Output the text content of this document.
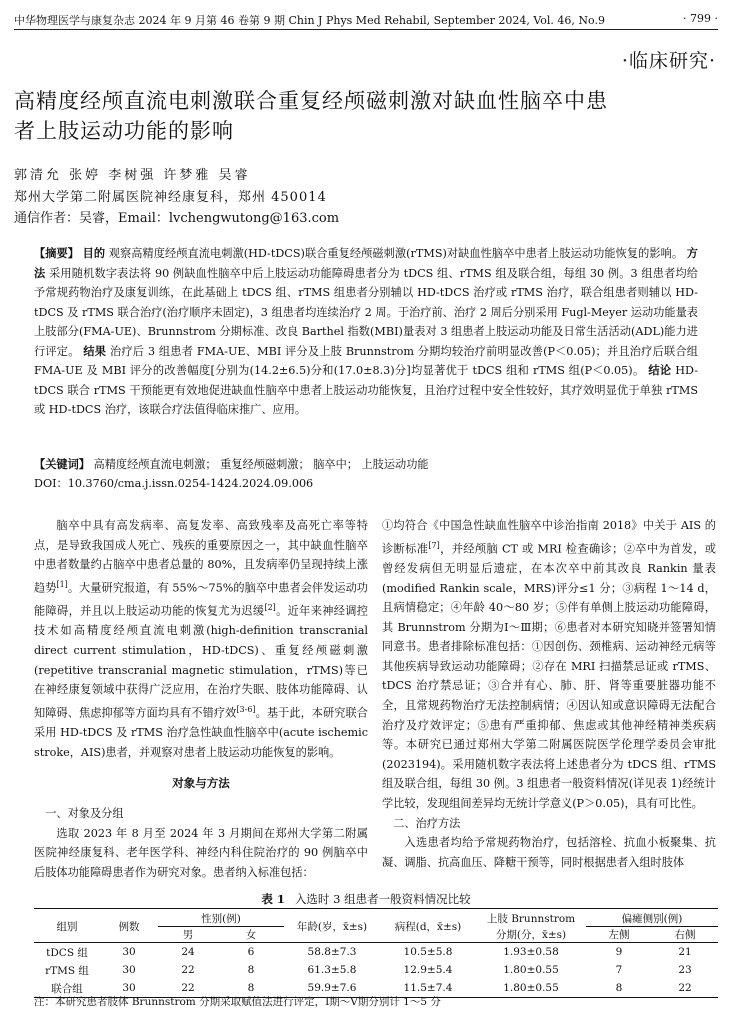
中华物理医学与康复杂志 2024 年 9 月第 46 卷第 9 期 Chin J Phys Med Rehabil, September 2024, Vol. 46, No.9	· 799 ·
·临床研究·
高精度经颅直流电刺激联合重复经颅磁刺激对缺血性脑卒中患者上肢运动功能的影响
郭清允 张婷 李树强 许梦雅 吴睿
郑州大学第二附属医院神经康复科，郑州 450014
通信作者：吴睿，Email：lvchengwutong@163.com
【摘要】 目的 观察高精度经颅直流电刺激(HD-tDCS)联合重复经颅磁刺激(rTMS)对缺血性脑卒中患者上肢运动功能恢复的影响。 方法 采用随机数字表法将 90 例缺血性脑卒中后上肢运动功能障碍患者分为 tDCS 组、rTMS 组及联合组，每组 30 例。3 组患者均给予常规药物治疗及康复训练，在此基础上 tDCS 组、rTMS 组患者分别辅以 HD-tDCS 治疗或 rTMS 治疗，联合组患者则辅以 HD-tDCS 及 rTMS 联合治疗(治疗顺序未固定)，3 组患者均连续治疗 2 周。于治疗前、治疗 2 周后分别采用 Fugl-Meyer 运动功能量表上肢部分(FMA-UE)、Brunnstrom 分期标准、改良 Barthel 指数(MBI)量表对 3 组患者上肢运动功能及日常生活活动(ADL)能力进行评定。 结果 治疗后 3 组患者 FMA-UE、MBI 评分及上肢 Brunnstrom 分期均较治疗前明显改善(P＜0.05)；并且治疗后联合组 FMA-UE 及 MBI 评分的改善幅度[分别为(14.2±6.5)分和(17.0±8.3)分]均显著优于 tDCS 组和 rTMS 组(P＜0.05)。 结论 HD-tDCS 联合 rTMS 干预能更有效地促进缺血性脑卒中患者上肢运动功能恢复，且治疗过程中安全性较好，其疗效明显优于单独 rTMS 或 HD-tDCS 治疗，该联合疗法值得临床推广、应用。
【关键词】 高精度经颅直流电刺激； 重复经颅磁刺激； 脑卒中； 上肢运动功能
DOI：10.3760/cma.j.issn.0254-1424.2024.09.006

脑卒中具有高发病率、高复发率、高致残率及高死亡率等特点，是导致我国成人死亡、残疾的重要原因之一，其中缺血性脑卒中患者数量约占脑卒中患者总量的 80%，且发病率仍呈现持续上涨趋势[1]。大量研究报道，有 55%～75%的脑卒中患者会伴发运动功能障碍，并且以上肢运动功能的恢复尤为迟缓[2]。近年来神经调控技术如高精度经颅直流电刺激(high-definition transcranial direct current stimulation，HD-tDCS)、重复经颅磁刺激(repetitive transcranial magnetic stimulation，rTMS)等已在神经康复领域中获得广泛应用，在治疗失眠、肢体功能障碍、认知障碍、焦虑抑郁等方面均具有不错疗效[3-6]。基于此，本研究联合采用 HD-tDCS 及 rTMS 治疗急性缺血性脑卒中(acute ischemic stroke，AIS)患者，并观察对患者上肢运动功能恢复的影响。

对象与方法

一、对象及分组

选取 2023 年 8 月至 2024 年 3 月期间在郑州大学第二附属医院神经康复科、老年医学科、神经内科住院治疗的 90 例脑卒中后肢体功能障碍患者作为研究对象。患者纳入标准包括：

①均符合《中国急性缺血性脑卒中诊治指南 2018》中关于 AIS 的诊断标准[7]，并经颅脑 CT 或 MRI 检查确诊；②卒中为首发，或曾经发病但无明显后遗症，在本次卒中前其改良 Rankin 量表(modified Rankin scale，MRS)评分≤1 分；③病程 1～14 d，且病情稳定；④年龄 40～80 岁；⑤伴有单侧上肢运动功能障碍，其 Brunnstrom 分期为Ⅰ～Ⅲ期；⑥患者对本研究知晓并签署知情同意书。患者排除标准包括：①因创伤、颈椎病、运动神经元病等其他疾病导致运动功能障碍；②存在 MRI 扫描禁忌证或 rTMS、tDCS 治疗禁忌证；③合并有心、肺、肝、肾等重要脏器功能不全，且常规药物治疗无法控制病情；④因认知或意识障碍无法配合治疗及疗效评定；⑤患有严重抑郁、焦虑或其他神经精神类疾病等。本研究已通过郑州大学第二附属医院医学伦理学委员会审批(2023194)。采用随机数字表法将上述患者分为 tDCS 组、rTMS 组及联合组，每组 30 例。3 组患者一般资料情况(详见表 1)经统计学比较，发现组间差异均无统计学意义(P＞0.05)，具有可比性。

二、治疗方法

入选患者均给予常规药物治疗，包括溶栓、抗血小板聚集、抗凝、调脂、抗高血压、降糖干预等，同时根据患者入组时肢体

表 1 入选时 3 组患者一般资料情况比较
组别	例数	性别(例)		年龄(岁，x̄±s)	病程(d，x̄±s)	上肢 Brunnstrom	偏瘫侧别(例)	
		男	女			分期(分，x̄±s)	左侧	右侧
tDCS 组	30	24	6	58.8±7.3	10.5±5.8	1.93±0.58	9	21
rTMS 组	30	22	8	61.3±5.8	12.9±5.4	1.80±0.55	7	23
联合组	30	22	8	59.9±7.6	11.5±7.4	1.80±0.55	8	22
注：本研究患者肢体 Brunnstrom 分期采取赋值法进行评定，Ⅰ期～Ⅴ期分别计 1～5 分
